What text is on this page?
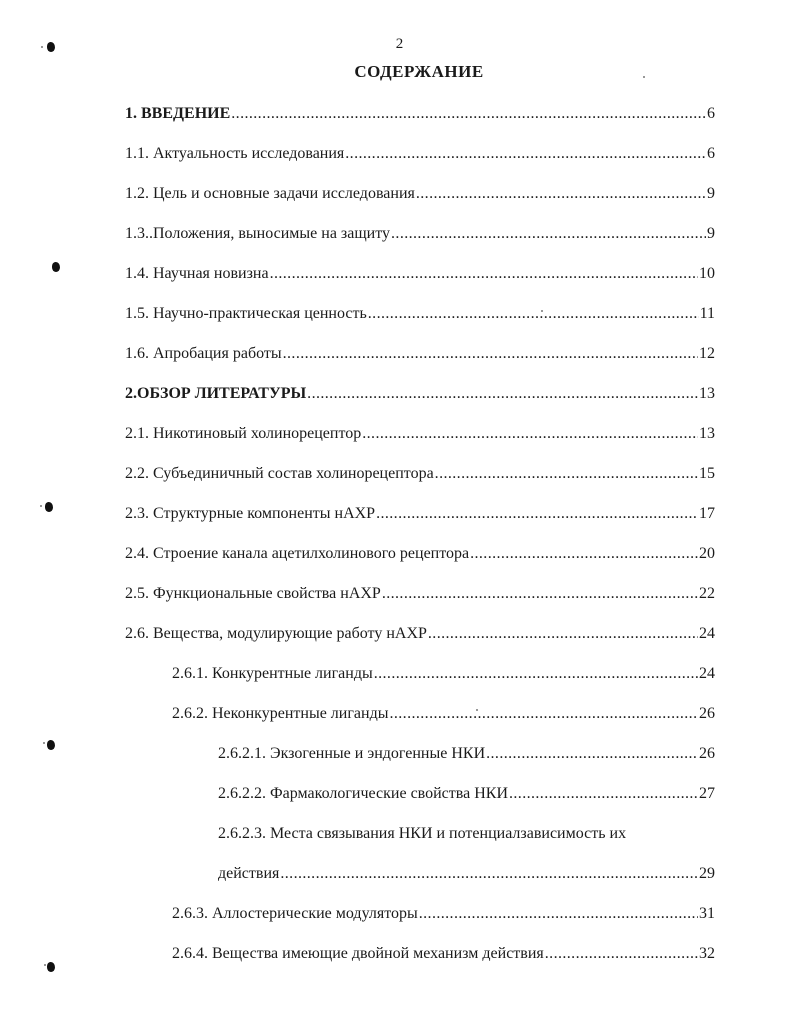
2
СОДЕРЖАНИЕ
1. ВВЕДЕНИЕ .....	6
1.1. Актуальность исследования .....	6
1.2. Цель и основные задачи исследования .....	9
1.3..Положения, выносимые на защиту .....	9
1.4. Научная новизна .....	10
1.5. Научно-практическая ценность .....	11
1.6. Апробация работы .....	12
2.ОБЗОР ЛИТЕРАТУРЫ .....	13
2.1. Никотиновый холинорецептор .....	13
2.2. Субъединичный состав холинорецептора .....	15
2.3. Структурные компоненты нАХР .....	17
2.4. Строение канала ацетилхолинового рецептора .....	20
2.5. Функциональные свойства нАХР .....	22
2.6. Вещества, модулирующие работу нАХР .....	24
2.6.1. Конкурентные лиганды .....	24
2.6.2. Неконкурентные лиганды .....	26
2.6.2.1. Экзогенные и эндогенные НКИ .....	26
2.6.2.2. Фармакологические свойства НКИ .....	27
2.6.2.3. Места связывания НКИ и потенциалзависимость их
действия .....	29
2.6.3. Аллостерические модуляторы .....	31
2.6.4. Вещества имеющие двойной механизм действия .....	32
